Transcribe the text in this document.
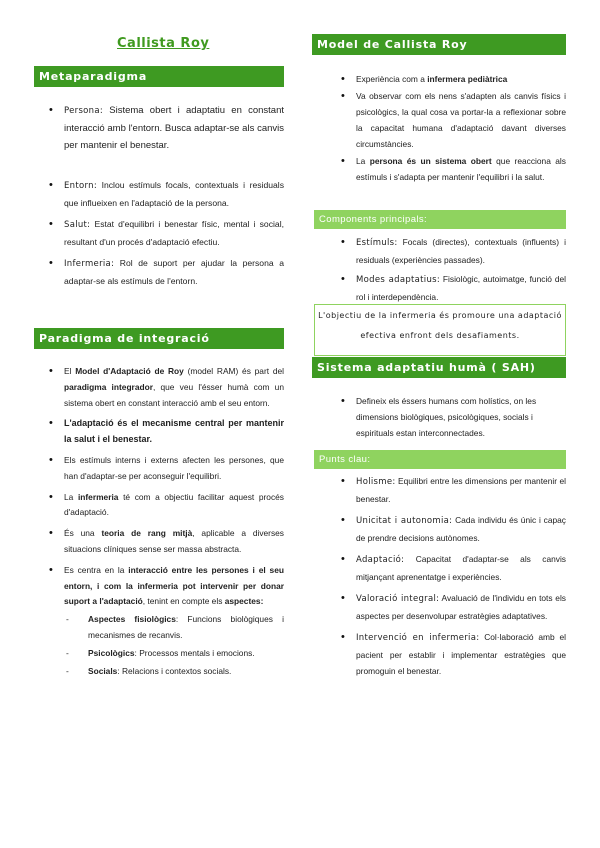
Callista Roy
Metaparadigma
• Persona: Sistema obert i adaptatiu en constant interacció amb l'entorn. Busca adaptar-se als canvis per mantenir el benestar.
• Entorn: Inclou estímuls focals, contextuals i residuals que influeixen en l'adaptació de la persona.
• Salut: Estat d'equilibri i benestar físic, mental i social, resultant d'un procés d'adaptació efectiu.
• Infermeria: Rol de suport per ajudar la persona a adaptar-se als estímuls de l'entorn.
Paradigma de integració
• El Model d'Adaptació de Roy (model RAM) és part del paradigma integrador, que veu l'ésser humà com un sistema obert en constant interacció amb el seu entorn.
• L'adaptació és el mecanisme central per mantenir la salut i el benestar.
• Els estímuls interns i externs afecten les persones, que han d'adaptar-se per aconseguir l'equilibri.
• La infermeria té com a objectiu facilitar aquest procés d'adaptació.
• És una teoria de rang mitjà, aplicable a diverses situacions clíniques sense ser massa abstracta.
• Es centra en la interacció entre les persones i el seu entorn, i com la infermeria pot intervenir per donar suport a l'adaptació, tenint en compte els aspectes:
- Aspectes fisiològics: Funcions biològiques i mecanismes de recanvis.
- Psicològics: Processos mentals i emocions.
- Socials: Relacions i contextos socials.
Model de Callista Roy
• Experiència com a infermera pediàtrica
• Va observar com els nens s'adapten als canvis físics i psicològics, la qual cosa va portar-la a reflexionar sobre la capacitat humana d'adaptació davant diverses circumstàncies.
• La persona és un sistema obert que reacciona als estímuls i s'adapta per mantenir l'equilibri i la salut.
Components principals:
• Estímuls: Focals (directes), contextuals (influents) i residuals (experiències passades).
• Modes adaptatius: Fisiològic, autoimatge, funció del rol i interdependència.
L'objectiu de la infermeria és promoure una adaptació
efectiva enfront dels desafiaments.
Sistema adaptatiu humà ( SAH)
• Defineix els éssers humans com holístics, on les dimensions biològiques, psicològiques, socials i espirituals estan interconnectades.
Punts clau:
• Holisme: Equilibri entre les dimensions per mantenir el benestar.
• Unicitat i autonomia: Cada individu és únic i capaç de prendre decisions autònomes.
• Adaptació: Capacitat d'adaptar-se als canvis mitjançant aprenentatge i experiències.
• Valoració integral: Avaluació de l'individu en tots els aspectes per desenvolupar estratègies adaptatives.
• Intervenció en infermeria: Col·laboració amb el pacient per establir i implementar estratègies que promoguin el benestar.
